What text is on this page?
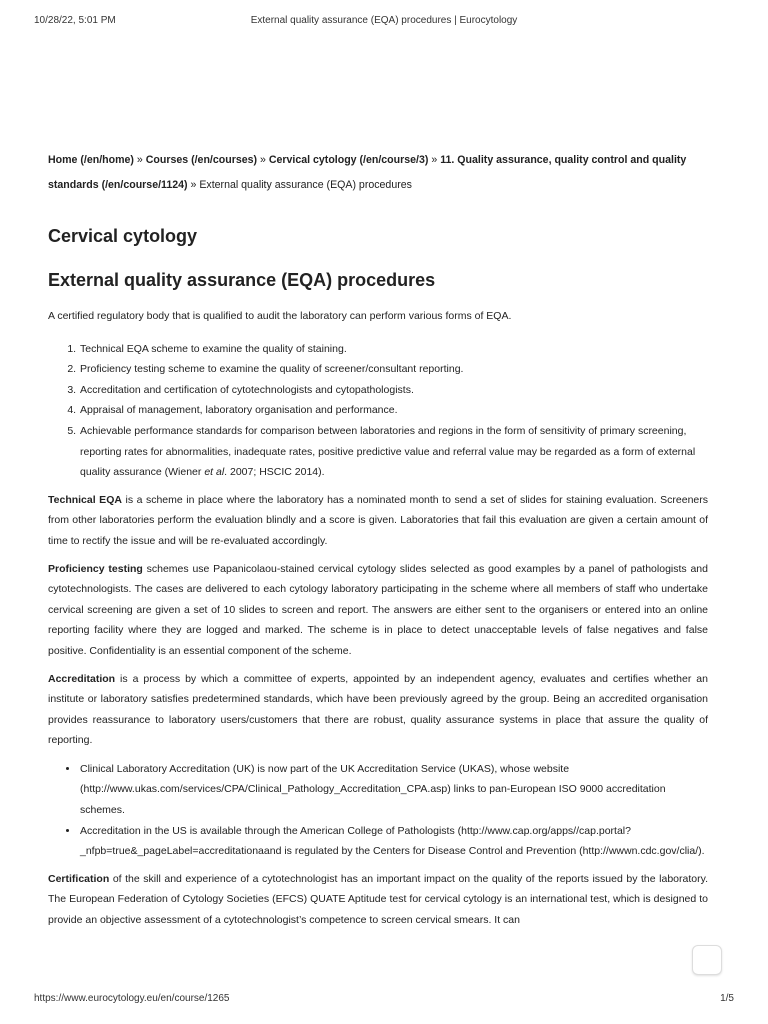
10/28/22, 5:01 PM	External quality assurance (EQA) procedures | Eurocytology
Home (/en/home) » Courses (/en/courses) » Cervical cytology (/en/course/3) » 11. Quality assurance, quality control and quality standards (/en/course/1124) » External quality assurance (EQA) procedures
Cervical cytology
External quality assurance (EQA) procedures

A certified regulatory body that is qualified to audit the laboratory can perform various forms of EQA.

1. Technical EQA scheme to examine the quality of staining.
2. Proficiency testing scheme to examine the quality of screener/consultant reporting.
3. Accreditation and certification of cytotechnologists and cytopathologists.
4. Appraisal of management, laboratory organisation and performance.
5. Achievable performance standards for comparison between laboratories and regions in the form of sensitivity of primary screening, reporting rates for abnormalities, inadequate rates, positive predictive value and referral value may be regarded as a form of external quality assurance (Wiener et al. 2007; HSCIC 2014).

Technical EQA is a scheme in place where the laboratory has a nominated month to send a set of slides for staining evaluation. Screeners from other laboratories perform the evaluation blindly and a score is given. Laboratories that fail this evaluation are given a certain amount of time to rectify the issue and will be re-evaluated accordingly.

Proficiency testing schemes use Papanicolaou-stained cervical cytology slides selected as good examples by a panel of pathologists and cytotechnologists. The cases are delivered to each cytology laboratory participating in the scheme where all members of staff who undertake cervical screening are given a set of 10 slides to screen and report. The answers are either sent to the organisers or entered into an online reporting facility where they are logged and marked. The scheme is in place to detect unacceptable levels of false negatives and false positive. Confidentiality is an essential component of the scheme.

Accreditation is a process by which a committee of experts, appointed by an independent agency, evaluates and certifies whether an institute or laboratory satisfies predetermined standards, which have been previously agreed by the group. Being an accredited organisation provides reassurance to laboratory users/customers that there are robust, quality assurance systems in place that assure the quality of reporting.

• Clinical Laboratory Accreditation (UK) is now part of the UK Accreditation Service (UKAS), whose website (http://www.ukas.com/services/CPA/Clinical_Pathology_Accreditation_CPA.asp) links to pan-European ISO 9000 accreditation schemes.
• Accreditation in the US is available through the American College of Pathologists (http://www.cap.org/apps//cap.portal?_nfpb=true&_pageLabel=accreditationaand is regulated by the Centers for Disease Control and Prevention (http://wwwn.cdc.gov/clia/).

Certification of the skill and experience of a cytotechnologist has an important impact on the quality of the reports issued by the laboratory. The European Federation of Cytology Societies (EFCS) QUATE Aptitude test for cervical cytology is an international test, which is designed to provide an objective assessment of a cytotechnologist’s competence to screen cervical smears. It can

https://www.eurocytology.eu/en/course/1265	1/5
